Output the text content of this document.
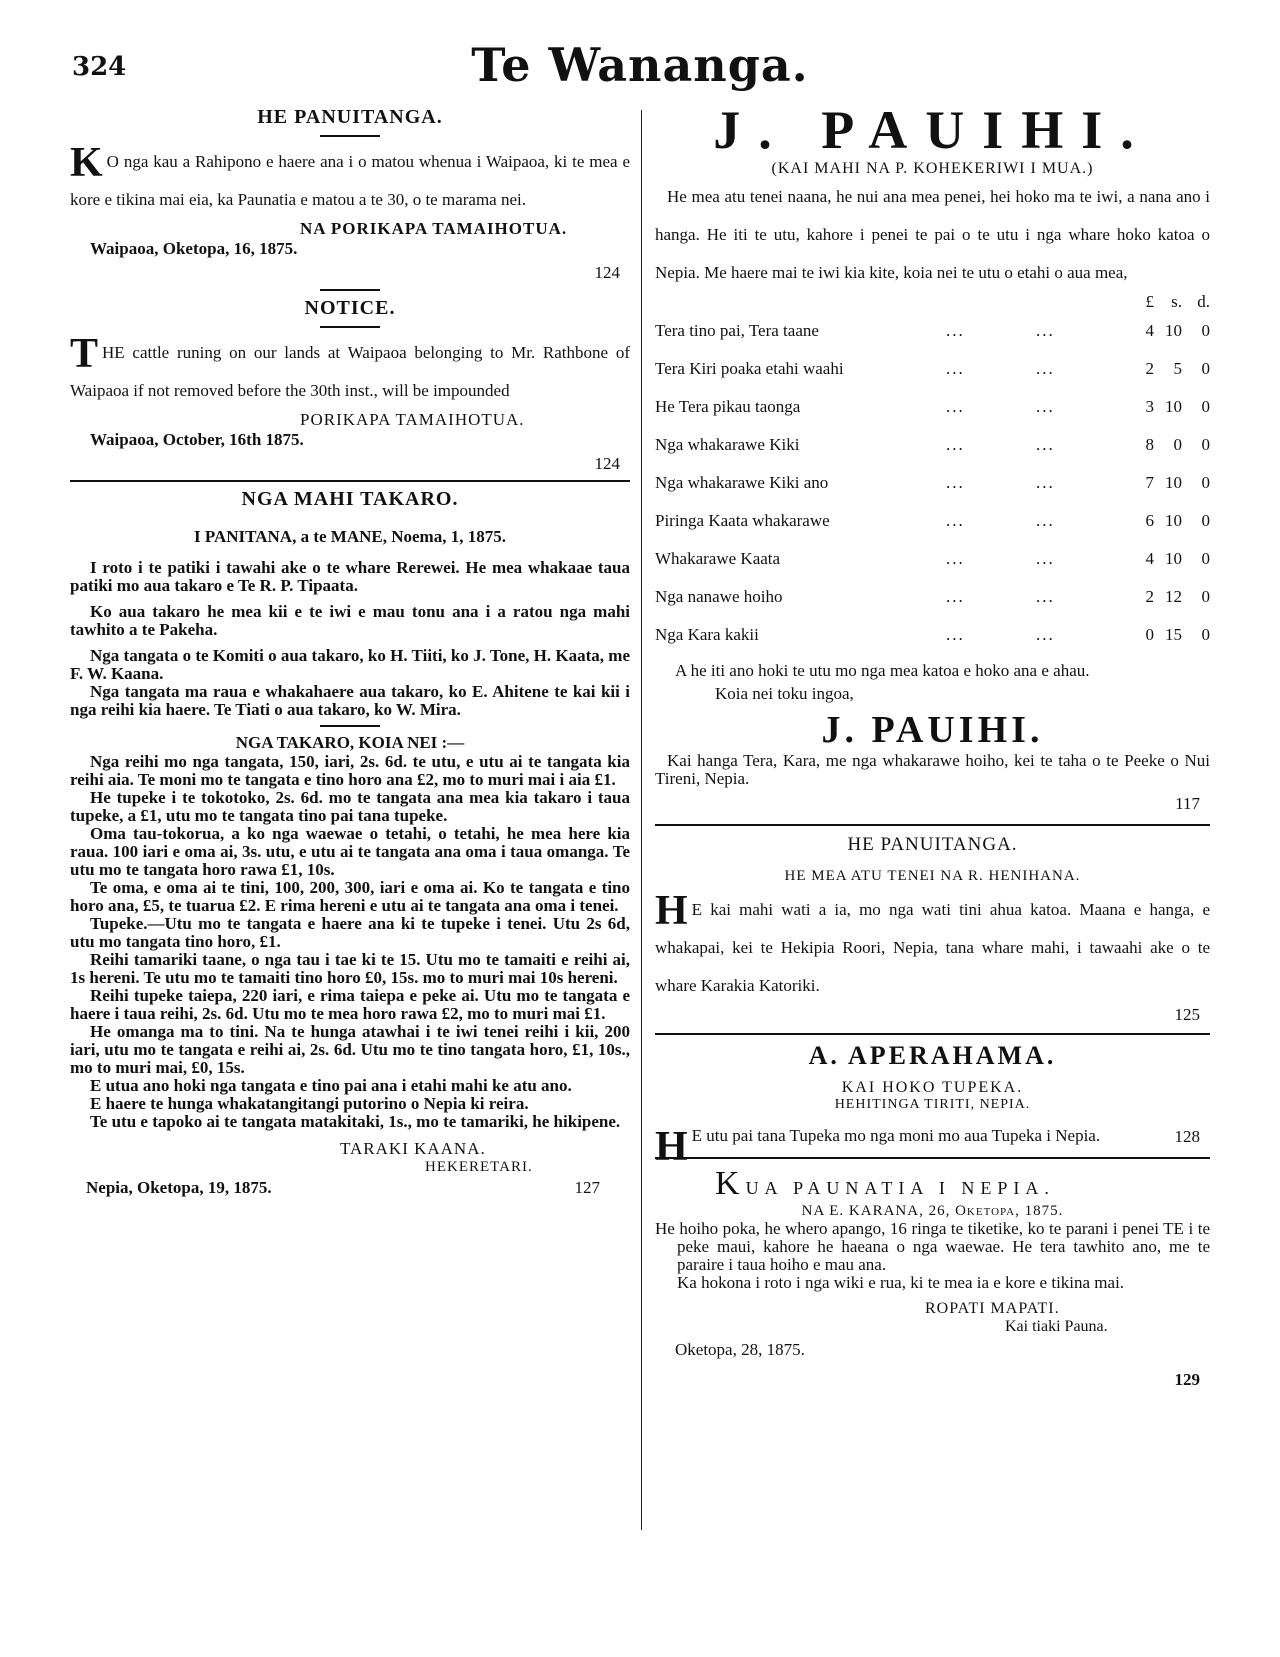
324	Te Wananga.

HE PANUITANGA.

K O nga kau a Rahipono e haere ana i o matou whenua i Waipaoa, ki te mea e kore e tikina mai eia, ka Paunatia e matou a te 30, o te marama nei.

NA PORIKAPA TAMAIHOTUA.

Waipaoa, Oketopa, 16, 1875.

124

NOTICE.

THE cattle runing on our lands at Waipaoa belonging to Mr. Rathbone of Waipaoa if not removed before the 30th inst., will be impounded

PORIKAPA TAMAIHOTUA.

Waipaoa, October, 16th 1875.

124

NGA MAHI TAKARO.

I PANITANA, a te MANE, Noema, 1, 1875.

I roto i te patiki i tawahi ake o te whare Rerewei. He mea whakaae taua patiki mo aua takaro e Te R. P. Tipaata.

Ko aua takaro he mea kii e te iwi e mau tonu ana i a ratou nga mahi tawhito a te Pakeha.

Nga tangata o te Komiti o aua takaro, ko H. Tiiti, ko J. Tone, H. Kaata, me F. W. Kaana.

Nga tangata ma raua e whakahaere aua takaro, ko E. Ahitene te kai kii i nga reihi kia haere. Te Tiati o aua takaro, ko W. Mira.

NGA TAKARO, KOIA NEI :—

Nga reihi mo nga tangata, 150, iari, 2s. 6d. te utu, e utu ai te tangata kia reihi aia. Te moni mo te tangata e tino horo ana £2, mo to muri mai i aia £1.

He tupeke i te tokotoko, 2s. 6d. mo te tangata ana mea kia takaro i taua tupeke, a £1, utu mo te tangata tino pai tana tupeke.

Oma tau-tokorua, a ko nga waewae o tetahi, o tetahi, he mea here kia raua. 100 iari e oma ai, 3s. utu, e utu ai te tangata ana oma i taua omanga. Te utu mo te tangata horo rawa £1, 10s.

Te oma, e oma ai te tini, 100, 200, 300, iari e oma ai. Ko te tangata e tino horo ana, £5, te tuarua £2. E rima hereni e utu ai te tangata ana oma i tenei.

Tupeke.—Utu mo te tangata e haere ana ki te tupeke i tenei. Utu 2s 6d, utu mo tangata tino horo, £1.

Reihi tamariki taane, o nga tau i tae ki te 15. Utu mo te tamaiti e reihi ai, 1s hereni. Te utu mo te tamaiti tino horo £0, 15s. mo to muri mai 10s hereni.

Reihi tupeke taiepa, 220 iari, e rima taiepa e peke ai. Utu mo te tangata e haere i taua reihi, 2s. 6d. Utu mo te mea horo rawa £2, mo to muri mai £1.

He omanga ma to tini. Na te hunga atawhai i te iwi tenei reihi i kii, 200 iari, utu mo te tangata e reihi ai, 2s. 6d. Utu mo te tino tangata horo, £1, 10s., mo to muri mai, £0, 15s.

E utua ano hoki nga tangata e tino pai ana i etahi mahi ke atu ano.

E haere te hunga whakatangitangi putorino o Nepia ki reira.

Te utu e tapoko ai te tangata matakitaki, 1s., mo te tamariki, he hikipene.

TARAKI KAANA.

HEKERETARI.

Nepia, Oketopa, 19, 1875.	127

J. PAUIHI.

(KAI MAHI NA P. KOHEKERIWI I MUA.)

He mea atu tenei naana, he nui ana mea penei, hei hoko ma te iwi, a nana ano i hanga. He iti te utu, kahore i penei te pai o te utu i nga whare hoko katoa o Nepia. Me haere mai te iwi kia kite, koia nei te utu o etahi o aua mea,

			£	s.	d.
Tera tino pai, Tera taane	...	...	4	10	0
Tera Kiri poaka etahi waahi	...	...	2	5	0
He Tera pikau taonga	...	...	3	10	0
Nga whakarawe Kiki	...	...	8	0	0
Nga whakarawe Kiki ano	...	...	7	10	0
Piringa Kaata whakarawe	...	...	6	10	0
Whakarawe Kaata	...	...	4	10	0
Nga nanawe hoiho	...	...	2	12	0
Nga Kara kakii	...	...	0	15	0

A he iti ano hoki te utu mo nga mea katoa e hoko ana e ahau.

Koia nei toku ingoa,

J. PAUIHI.

Kai hanga Tera, Kara, me nga whakarawe hoiho, kei te taha o te Peeke o Nui Tireni, Nepia.

117

HE PANUITANGA.

HE MEA ATU TENEI NA R. HENIHANA.

H E kai mahi wati a ia, mo nga wati tini ahua katoa. Maana e hanga, e whakapai, kei te Hekipia Roori, Nepia, tana whare mahi, i tawaahi ake o te whare Karakia Katoriki.

125

A. APERAHAMA.

KAI HOKO TUPEKA.

HEHITINGA TIRITI, NEPIA.

H E utu pai tana Tupeka mo nga moni mo aua Tupeka i Nepia.	128

KUA PAUNATIA I NEPIA.

NA E. KARANA, 26, Oketopa, 1875.

He hoiho poka, he whero apango, 16 ringa te tiketike, ko te parani i penei TE i te peke maui, kahore he haeana o nga waewae. He tera tawhito ano, me te paraire i taua hoiho e mau ana.

Ka hokona i roto i nga wiki e rua, ki te mea ia e kore e tikina mai.

ROPATI MAPATI.

Kai tiaki Pauna.

Oketopa, 28, 1875.

129
